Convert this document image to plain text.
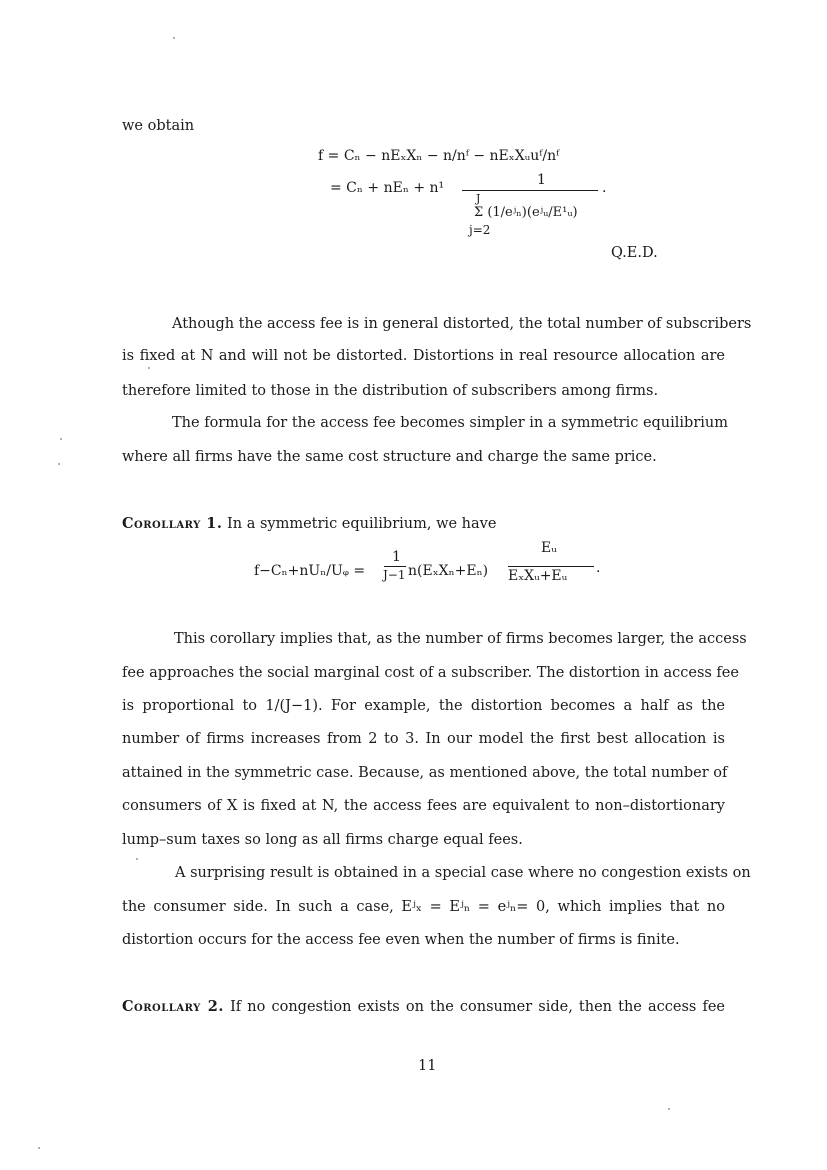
we obtain
f = Cₙ − nEₓXₙ − n/nᶠ − nEₓXᵤuᶠ/nᶠ
= Cₙ + nEₙ + n¹	1	.
J
Σ (1/eʲₙ)(eʲᵤ/E¹ᵤ)
j=2
Q.E.D.
Athough the access fee is in general distorted, the total number of subscribers
is fixed at N and will not be distorted. Distortions in real resource allocation are
therefore limited to those in the distribution of subscribers among firms.
The formula for the access fee becomes simpler in a symmetric equilibrium
where all firms have the same cost structure and charge the same price.
Corollary 1. In a symmetric equilibrium, we have
f−Cₙ+nUₙ/Uᵩ =
1
J−1 n(EₓXₙ+Eₙ)
Eᵤ
EₓXᵤ+Eᵤ .
This corollary implies that, as the number of firms becomes larger, the access
fee approaches the social marginal cost of a subscriber. The distortion in access fee
is proportional to 1/(J−1). For example, the distortion becomes a half as the
number of firms increases from 2 to 3. In our model the first best allocation is
attained in the symmetric case. Because, as mentioned above, the total number of
consumers of X is fixed at N, the access fees are equivalent to non–distortionary
lump–sum taxes so long as all firms charge equal fees.
A surprising result is obtained in a special case where no congestion exists on
the consumer side. In such a case, Eʲₓ = Eʲₙ = eʲₙ= 0, which implies that no
distortion occurs for the access fee even when the number of firms is finite.
Corollary 2. If no congestion exists on the consumer side, then the access fee
11
